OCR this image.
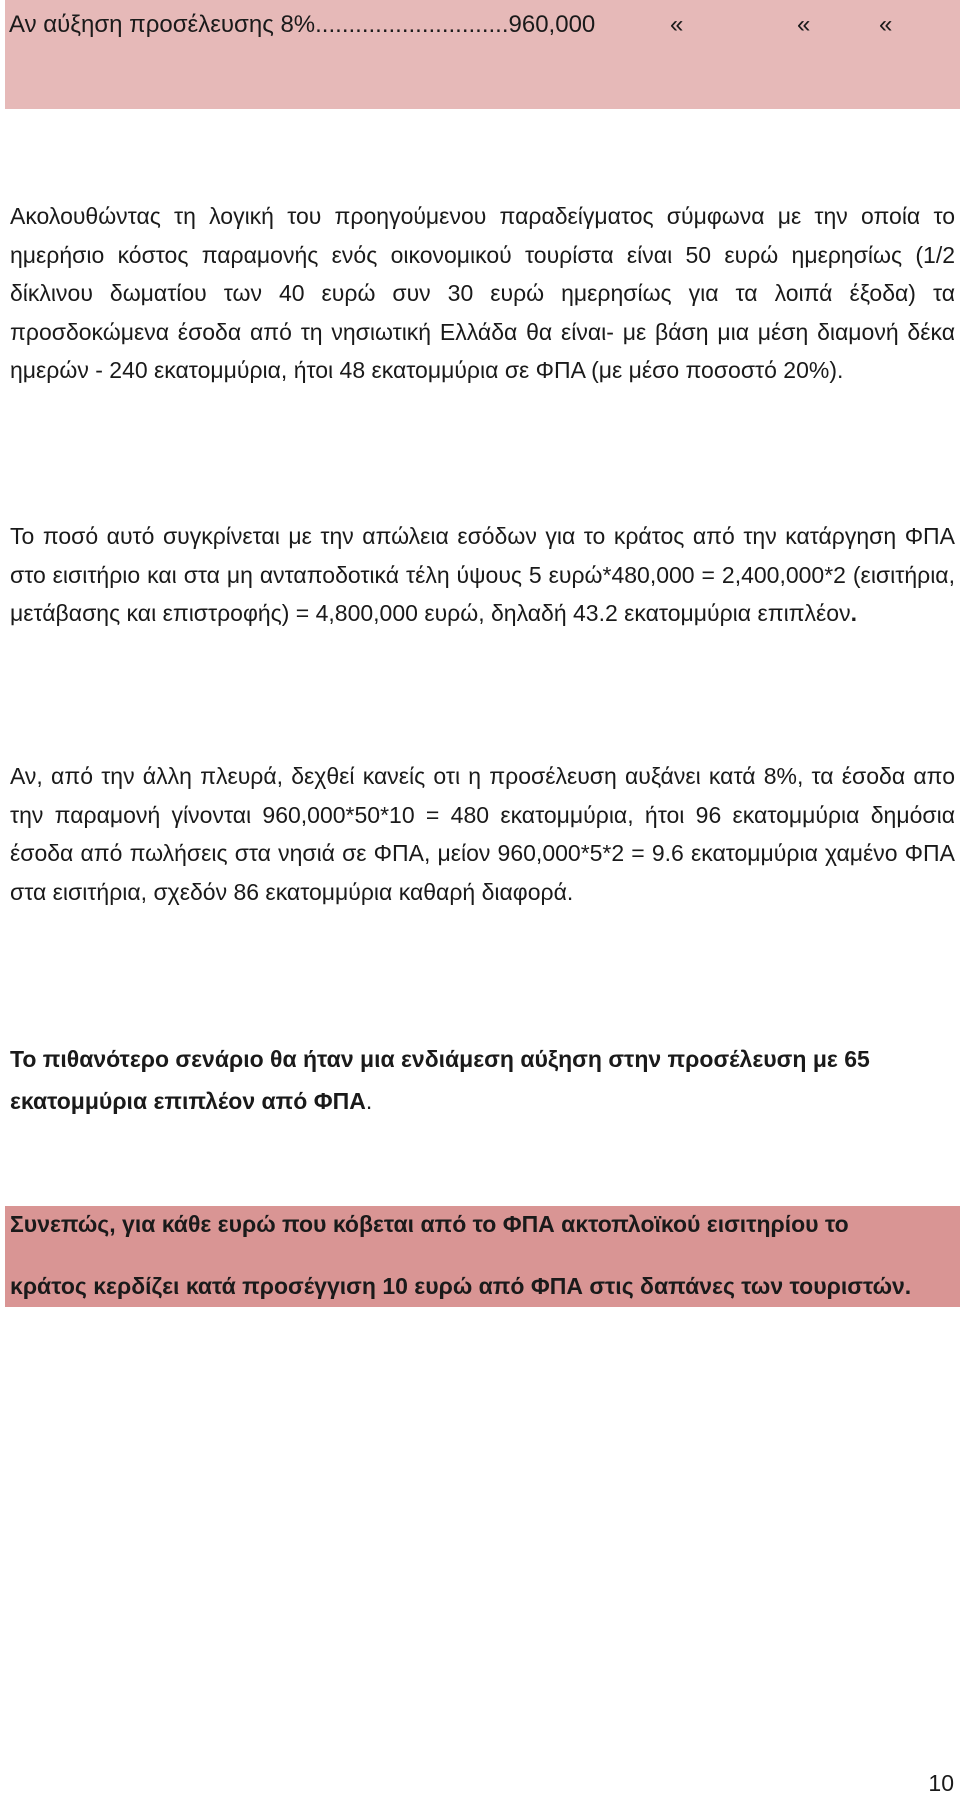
Αν αύξηση προσέλευσης 8%.............................960,000	«	«	«

Ακολουθώντας τη λογική του προηγούμενου παραδείγματος σύμφωνα με την οποία το ημερήσιο κόστος παραμονής ενός οικονομικού τουρίστα είναι 50 ευρώ ημερησίως (1/2 δίκλινου δωματίου των 40 ευρώ συν 30 ευρώ ημερησίως για τα λοιπά έξοδα) τα προσδοκώμενα έσοδα από τη νησιωτική Ελλάδα θα είναι- με βάση μια μέση διαμονή δέκα ημερών - 240 εκατομμύρια, ήτοι 48 εκατομμύρια σε ΦΠΑ (με μέσο ποσοστό 20%).

Το ποσό αυτό συγκρίνεται με την απώλεια εσόδων για το κράτος από την κατάργηση ΦΠΑ στο εισιτήριο και στα μη ανταποδοτικά τέλη ύψους 5 ευρώ*480,000 = 2,400,000*2 (εισιτήρια, μετάβασης και επιστροφής) = 4,800,000 ευρώ, δηλαδή 43.2 εκατομμύρια επιπλέον.

Αν, από την άλλη πλευρά, δεχθεί κανείς οτι η προσέλευση αυξάνει κατά 8%, τα έσοδα απο την παραμονή γίνονται 960,000*50*10 = 480 εκατομμύρια, ήτοι 96 εκατομμύρια δημόσια έσοδα από πωλήσεις στα νησιά σε ΦΠΑ, μείον 960,000*5*2 = 9.6 εκατομμύρια χαμένο ΦΠΑ στα εισιτήρια, σχεδόν 86 εκατομμύρια καθαρή διαφορά.

Το πιθανότερο σενάριο θα ήταν μια ενδιάμεση αύξηση στην προσέλευση με 65 εκατομμύρια επιπλέον από ΦΠΑ.

Συνεπώς, για κάθε ευρώ που κόβεται από το ΦΠΑ ακτοπλοϊκού εισιτηρίου το
κράτος κερδίζει κατά προσέγγιση 10 ευρώ από ΦΠΑ στις δαπάνες των τουριστών.
10
